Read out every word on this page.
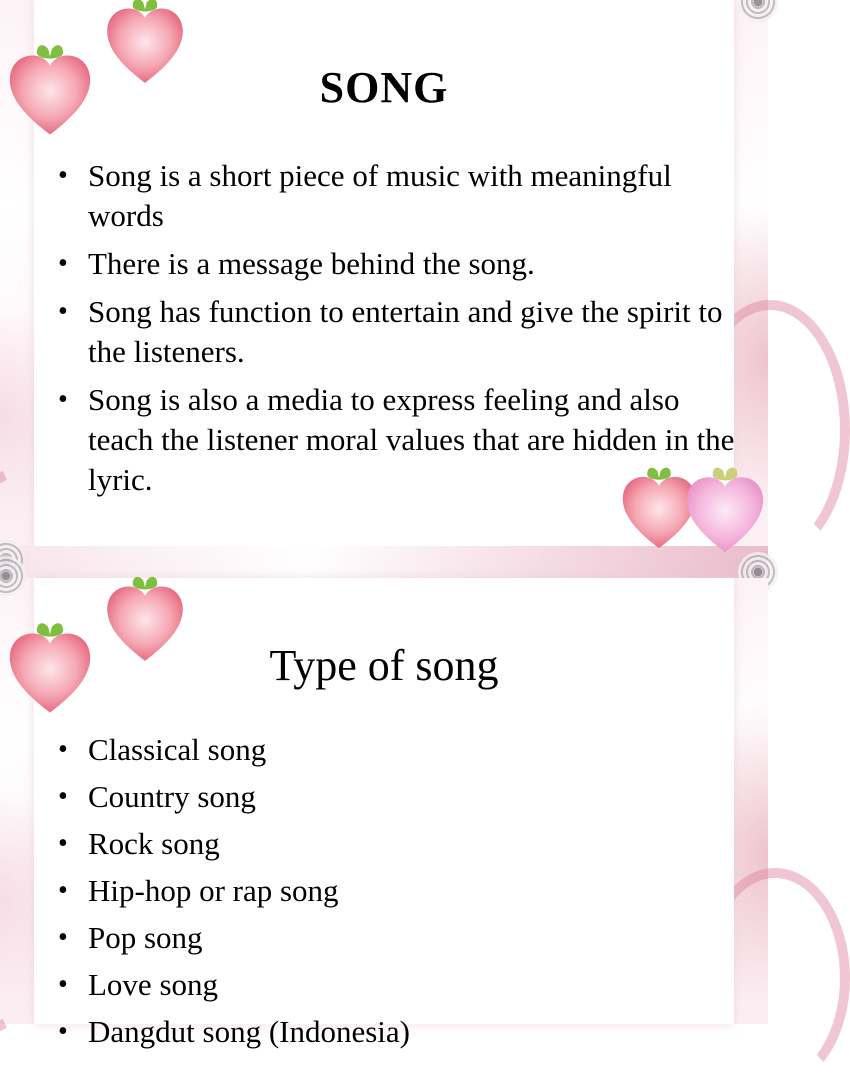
SONG
• Song is a short piece of music with meaningful words
• There is a message behind the song.
• Song has function to entertain and give the spirit to the listeners.
• Song is also a media to express feeling and also teach the listener moral values that are hidden in the lyric.
Type of song
• Classical song
• Country song
• Rock song
• Hip-hop or rap song
• Pop song
• Love song
• Dangdut song (Indonesia)
